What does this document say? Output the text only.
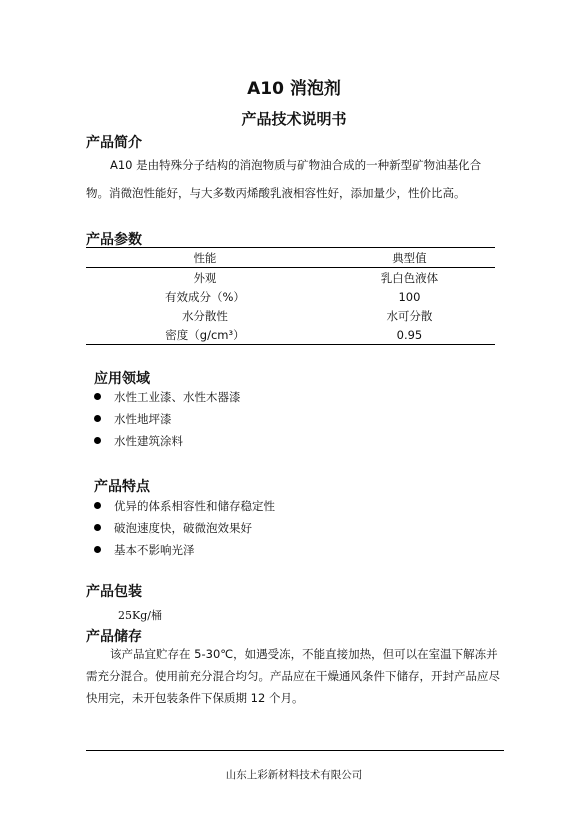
A10 消泡剂
产品技术说明书
产品简介
A10 是由特殊分子结构的消泡物质与矿物油合成的一种新型矿物油基化合物。消微泡性能好，与大多数丙烯酸乳液相容性好，添加量少，性价比高。
产品参数
性能	典型值
外观	乳白色液体
有效成分（%）	100
水分散性	水可分散
密度（g/cm³）	0.95
应用领域
水性工业漆、水性木器漆
水性地坪漆
水性建筑涂料
产品特点
优异的体系相容性和储存稳定性
破泡速度快，破微泡效果好
基本不影响光泽
产品包装
25Kg/桶
产品储存
该产品宜贮存在 5-30℃，如遇受冻，不能直接加热，但可以在室温下解冻并需充分混合。使用前充分混合均匀。产品应在干燥通风条件下储存，开封产品应尽快用完，未开包装条件下保质期 12 个月。
山东上彩新材料技术有限公司
